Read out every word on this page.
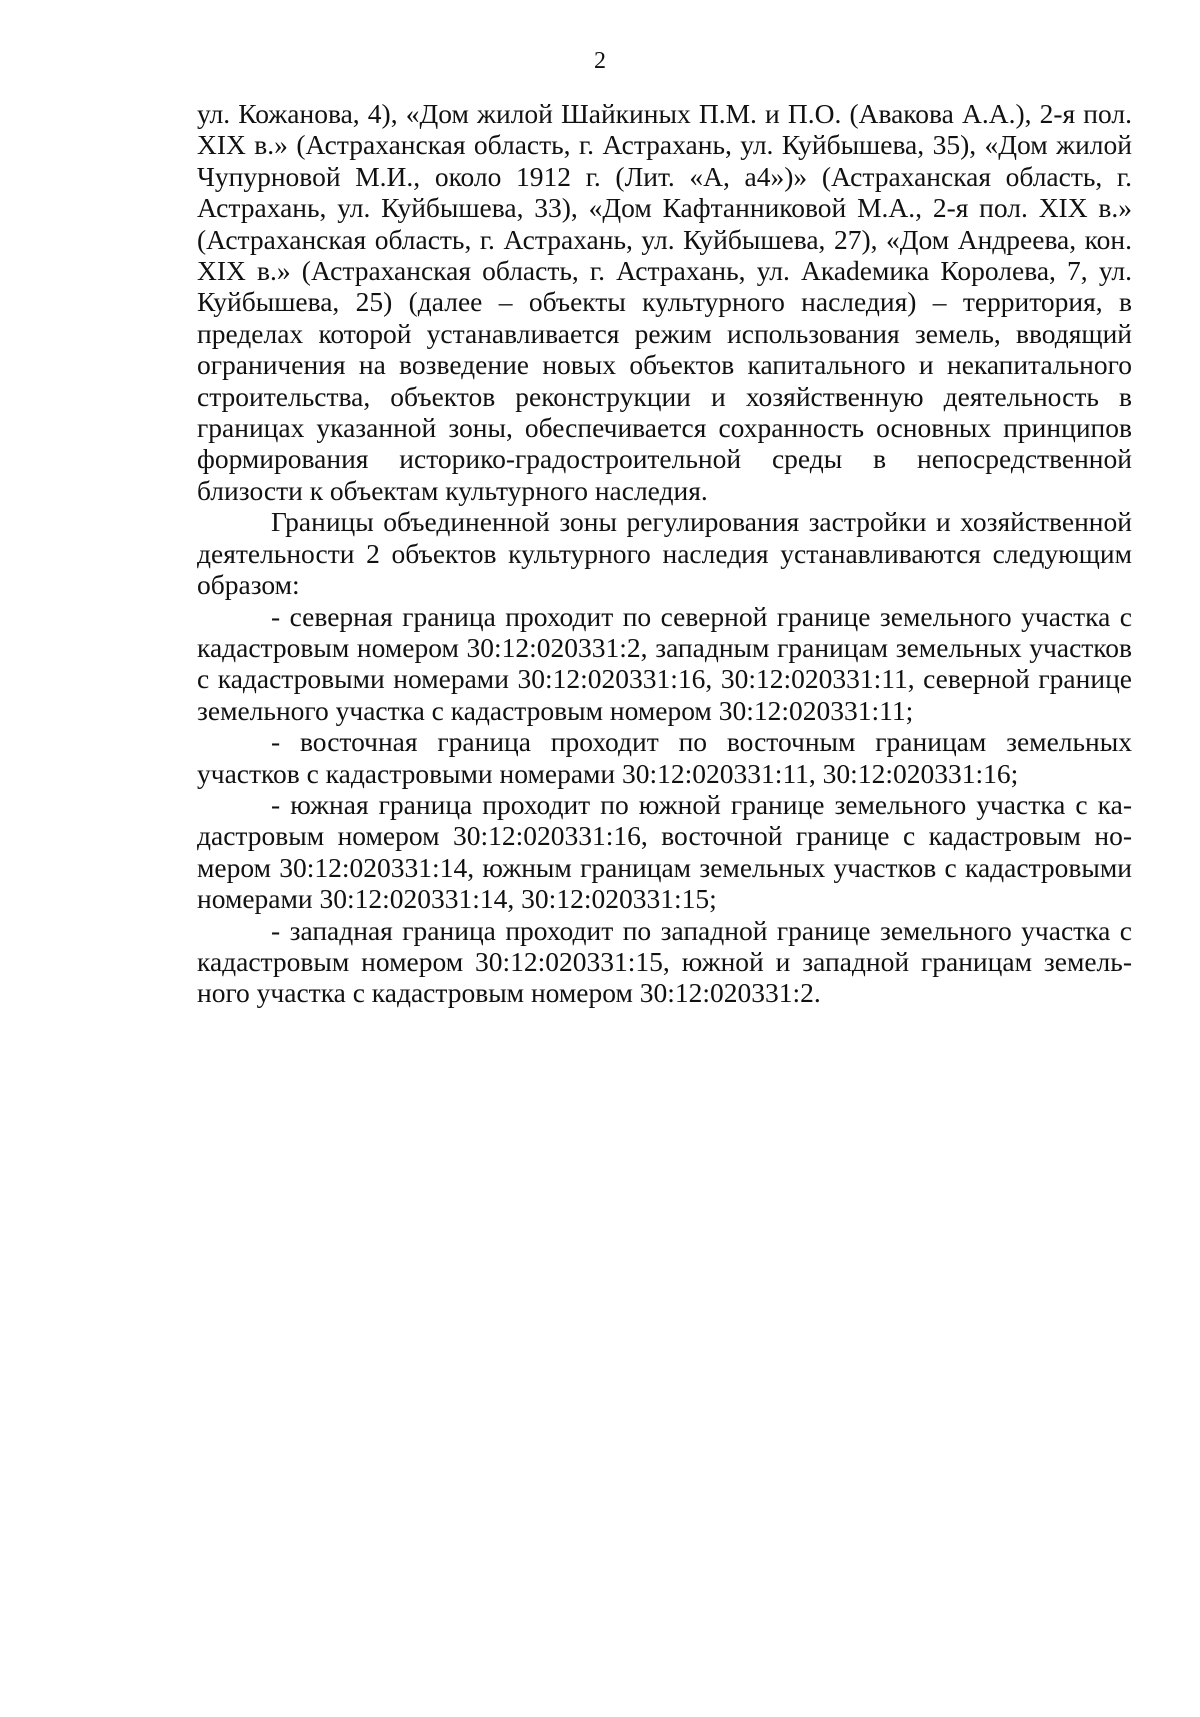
2

ул. Кожанова, 4), «Дом жилой Шайкиных П.М. и П.О. (Авакова А.А.), 2-я пол. XIX в.» (Астраханская область, г. Астрахань, ул. Куйбышева, 35), «Дом жилой Чупурновой М.И., около 1912 г. (Лит. «А, а4»)» (Астраханская область, г. Астрахань, ул. Куйбышева, 33), «Дом Кафтанниковой М.А., 2-я пол. XIX в.» (Астраханская область, г. Астрахань, ул. Куйбышева, 27), «Дом Андреева, кон. XIX в.» (Астраханская область, г. Астрахань, ул. Акаdемика Королева, 7, ул. Куйбышева, 25) (далее – объекты культурного наследия) – территория, в пределах которой устанавливается режим использования земель, вводящий ограничения на возведение новых объектов капитального и некапитального строительства, объектов реконструкции и хозяйственную деятельность в границах указанной зоны, обеспечивается сохранность основных принципов формирования историко-градостроительной среды в непосредственной близости к объектам культурного наследия.

Границы объединенной зоны регулирования застройки и хозяйственной деятельности 2 объектов культурного наследия устанавливаются следующим образом:

- северная граница проходит по северной границе земельного участка с кадастровым номером 30:12:020331:2, западным границам земельных участков с кадастровыми номерами 30:12:020331:16, 30:12:020331:11, северной границе земельного участка с кадастровым номером 30:12:020331:11;

- восточная граница проходит по восточным границам земельных участков с кадастровыми номерами 30:12:020331:11, 30:12:020331:16;

- южная граница проходит по южной границе земельного участка с кадастровым номером 30:12:020331:16, восточной границе с кадастровым номером 30:12:020331:14, южным границам земельных участков с кадастровыми номерами 30:12:020331:14, 30:12:020331:15;

- западная граница проходит по западной границе земельного участка с кадастровым номером 30:12:020331:15, южной и западной границам земельного участка с кадастровым номером 30:12:020331:2.
